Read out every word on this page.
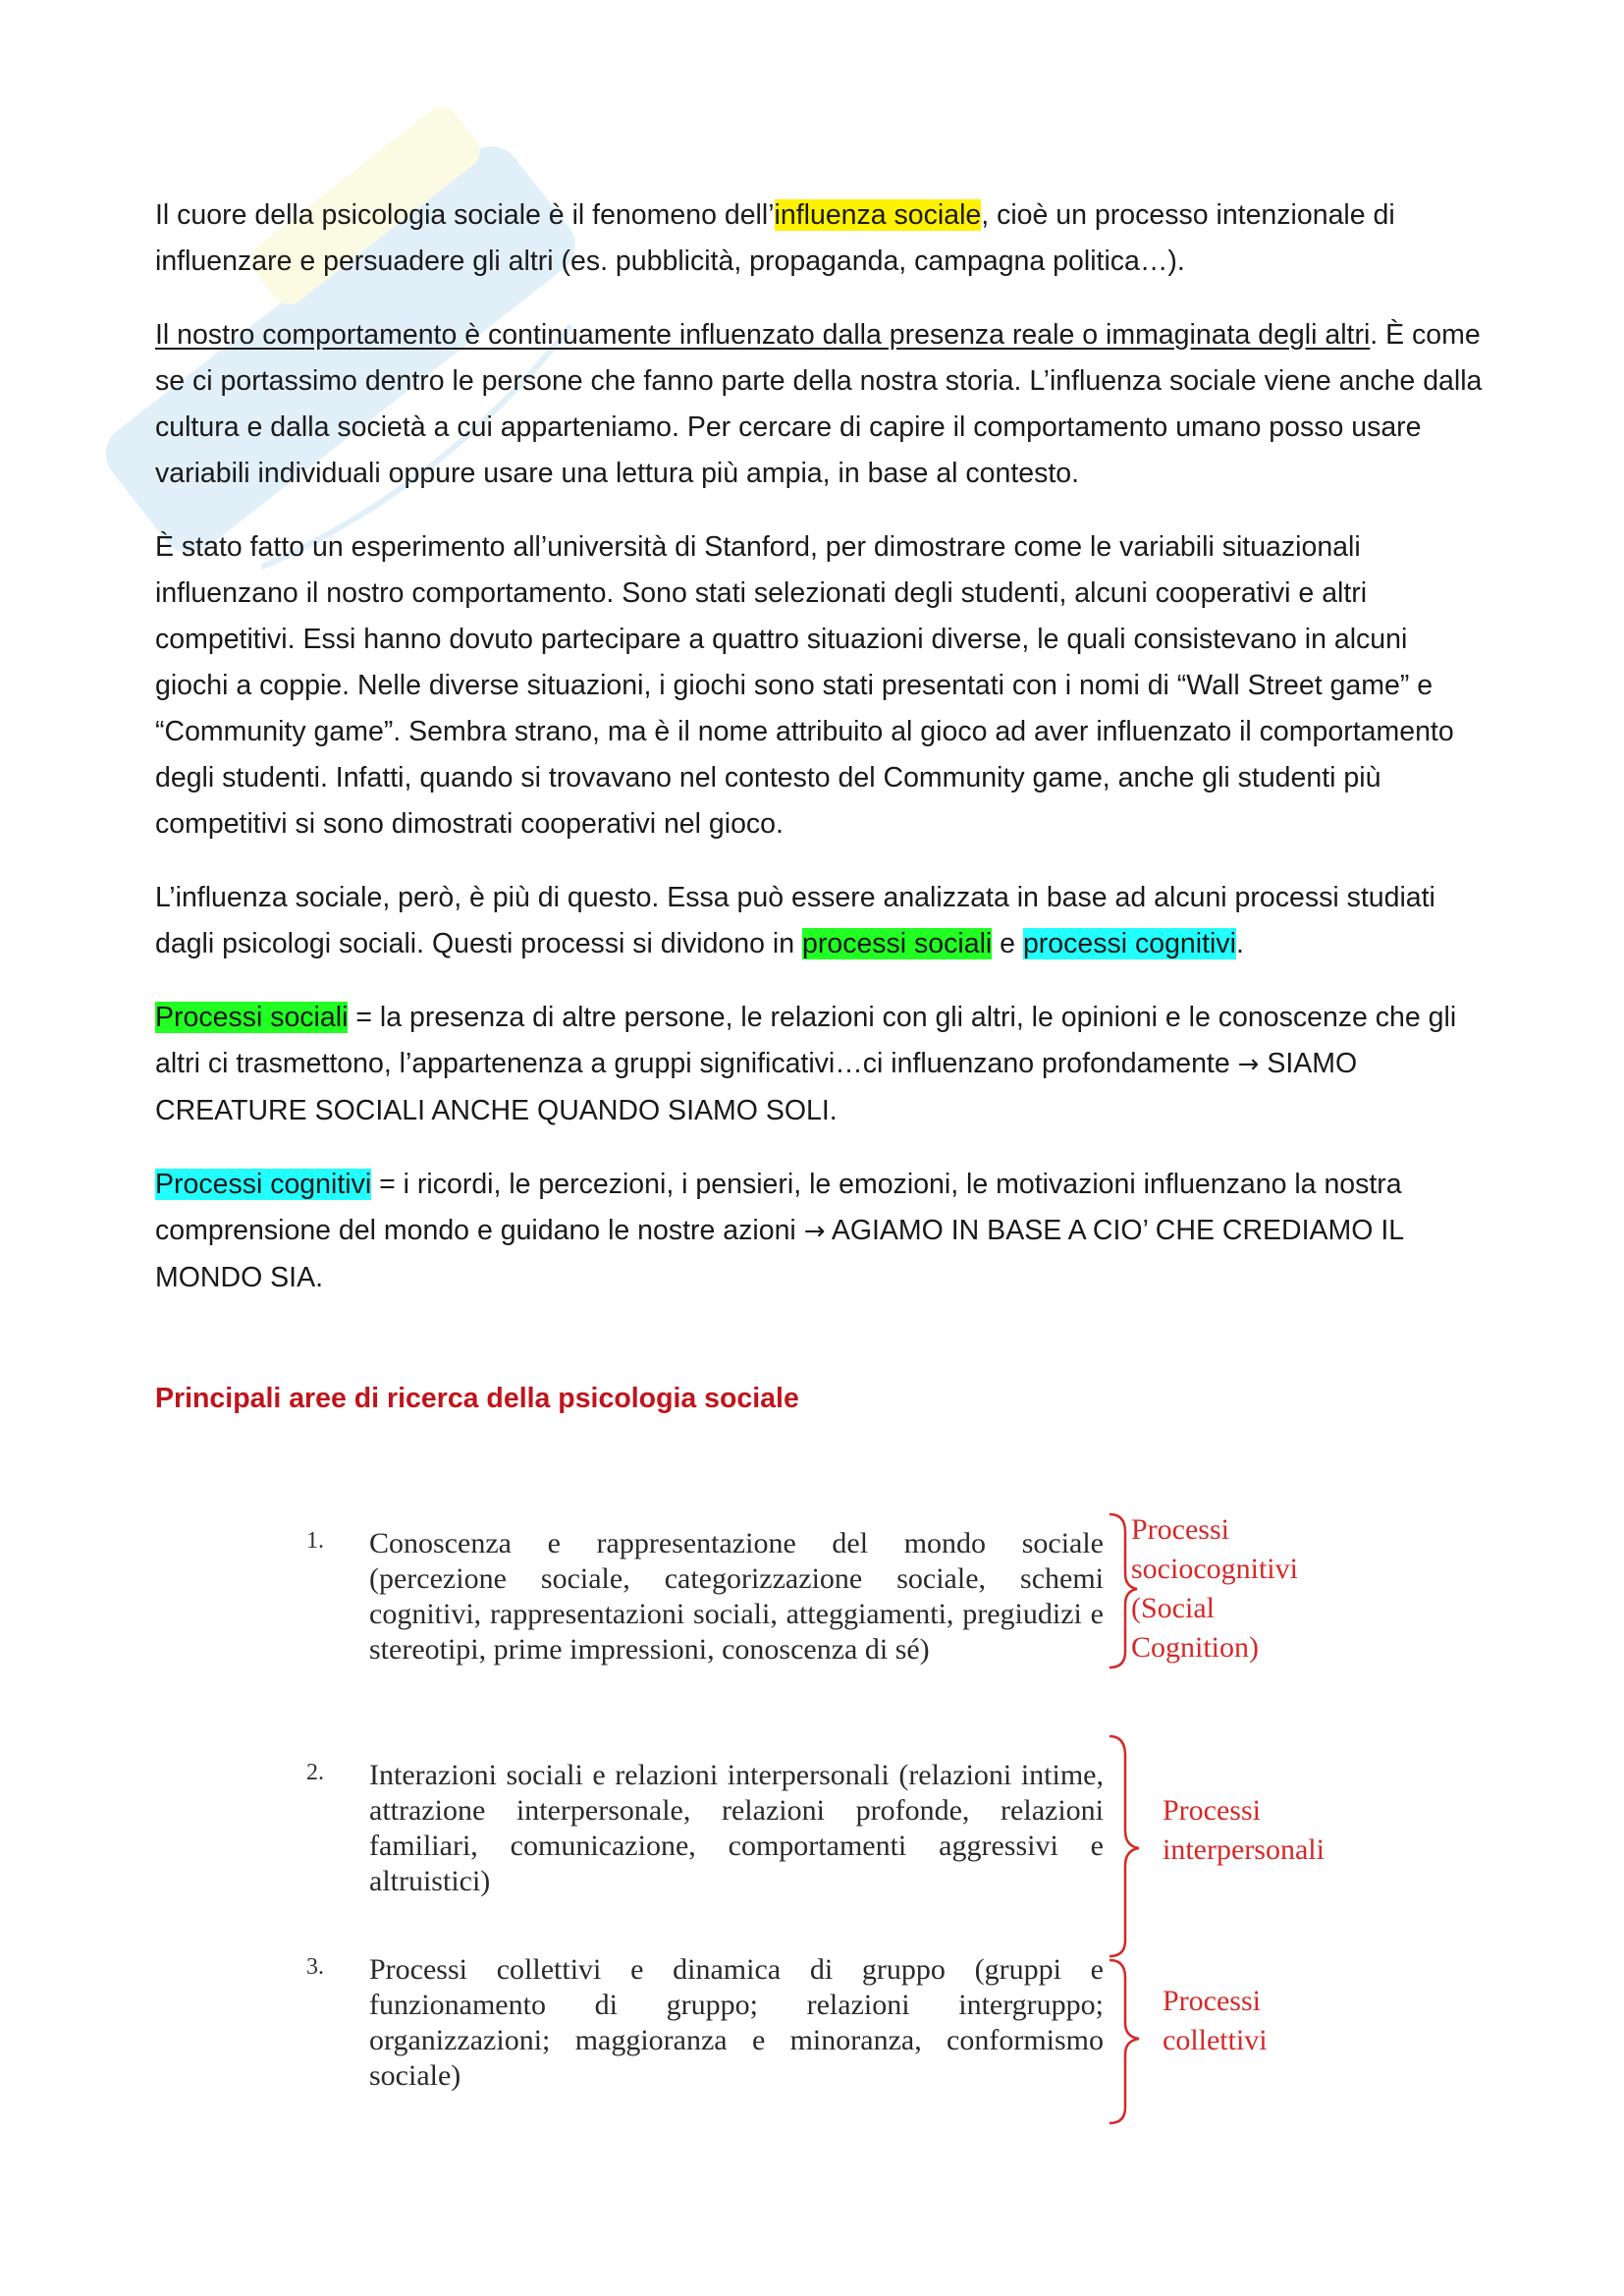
Il cuore della psicologia sociale è il fenomeno dell’influenza sociale, cioè un processo intenzionale di influenzare e persuadere gli altri (es. pubblicità, propaganda, campagna politica…).

Il nostro comportamento è continuamente influenzato dalla presenza reale o immaginata degli altri. È come se ci portassimo dentro le persone che fanno parte della nostra storia. L’influenza sociale viene anche dalla cultura e dalla società a cui apparteniamo. Per cercare di capire il comportamento umano posso usare variabili individuali oppure usare una lettura più ampia, in base al contesto.

È stato fatto un esperimento all’università di Stanford, per dimostrare come le variabili situazionali influenzano il nostro comportamento. Sono stati selezionati degli studenti, alcuni cooperativi e altri competitivi. Essi hanno dovuto partecipare a quattro situazioni diverse, le quali consistevano in alcuni giochi a coppie. Nelle diverse situazioni, i giochi sono stati presentati con i nomi di “Wall Street game” e “Community game”. Sembra strano, ma è il nome attribuito al gioco ad aver influenzato il comportamento degli studenti. Infatti, quando si trovavano nel contesto del Community game, anche gli studenti più competitivi si sono dimostrati cooperativi nel gioco.

L’influenza sociale, però, è più di questo. Essa può essere analizzata in base ad alcuni processi studiati dagli psicologi sociali. Questi processi si dividono in processi sociali e processi cognitivi.

Processi sociali = la presenza di altre persone, le relazioni con gli altri, le opinioni e le conoscenze che gli altri ci trasmettono, l’appartenenza a gruppi significativi…ci influenzano profondamente → SIAMO CREATURE SOCIALI ANCHE QUANDO SIAMO SOLI.

Processi cognitivi = i ricordi, le percezioni, i pensieri, le emozioni, le motivazioni influenzano la nostra comprensione del mondo e guidano le nostre azioni → AGIAMO IN BASE A CIO’ CHE CREDIAMO IL MONDO SIA.

Principali aree di ricerca della psicologia sociale
1. Conoscenza e rappresentazione del mondo sociale (percezione sociale, categorizzazione sociale, schemi cognitivi, rappresentazioni sociali, atteggiamenti, pregiudizi e stereotipi, prime impressioni, conoscenza di sé)
Processi
sociocognitivi
(Social
Cognition)
2. Interazioni sociali e relazioni interpersonali (relazioni intime, attrazione interpersonale, relazioni profonde, relazioni familiari, comunicazione, comportamenti aggressivi e altruistici)
Processi
interpersonali
3. Processi collettivi e dinamica di gruppo (gruppi e funzionamento di gruppo; relazioni intergruppo; organizzazioni; maggioranza e minoranza, conformismo sociale)
Processi
collettivi
